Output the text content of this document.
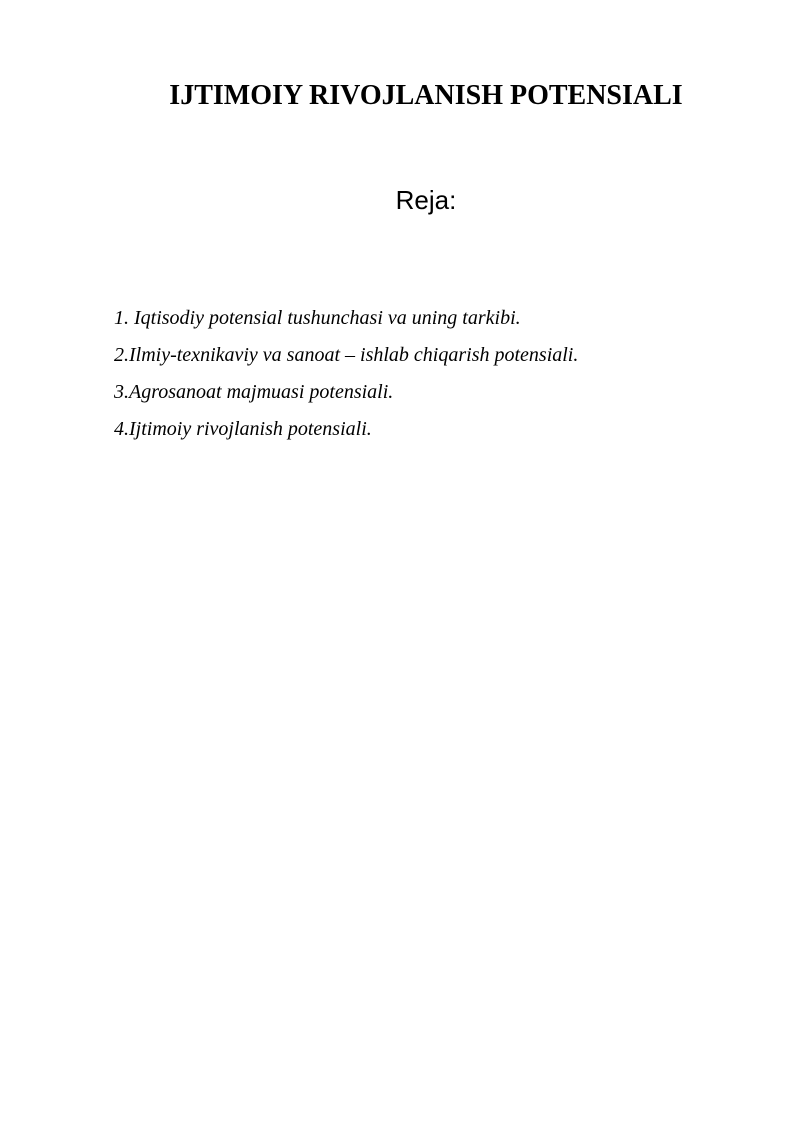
IJTIMOIY RIVOJLANISH POTENSIALI
Reja:
1. Iqtisodiy potensial tushunchasi va uning tarkibi.
2.Ilmiy-texnikaviy va sanoat – ishlab chiqarish potensiali.
3.Agrosanoat majmuasi potensiali.
4.Ijtimoiy rivojlanish potensiali.
